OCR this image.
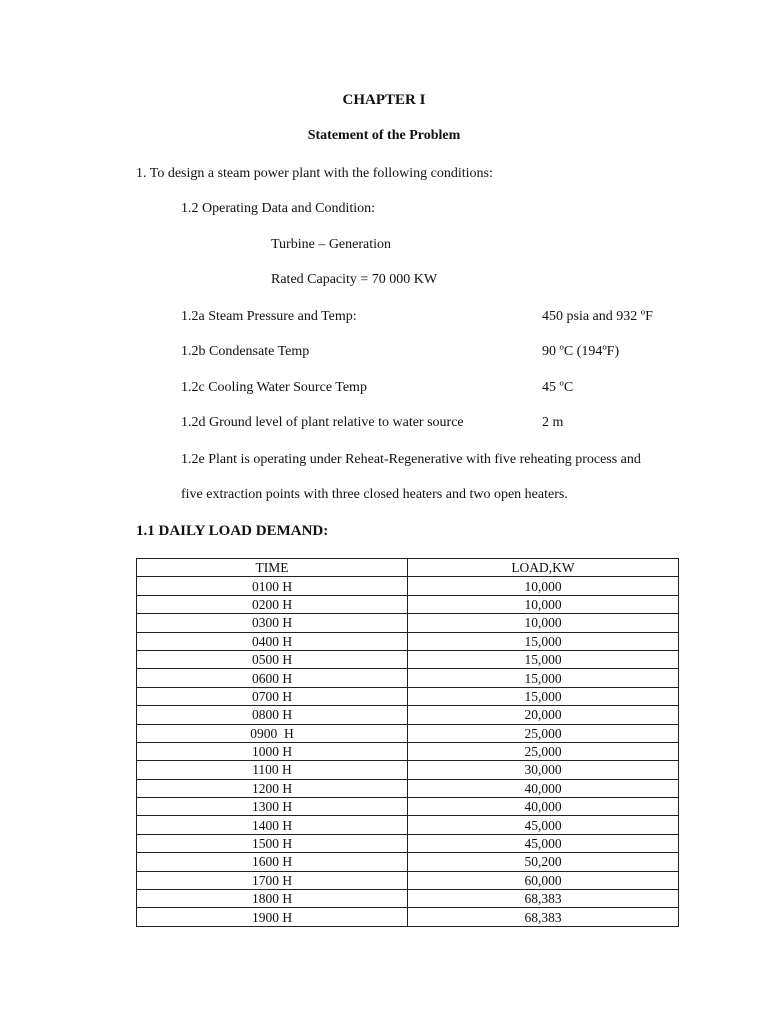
CHAPTER I
Statement of the Problem
1. To design a steam power plant with the following conditions:
1.2 Operating Data and Condition:
Turbine – Generation
Rated Capacity = 70 000 KW
1.2a Steam Pressure and Temp:	450 psia and 932 ºF
1.2b Condensate Temp	90 ºC (194ºF)
1.2c Cooling Water Source Temp	45 ºC
1.2d Ground level of plant relative to water source	2 m
1.2e Plant is operating under Reheat-Regenerative with five reheating process and
five extraction points with three closed heaters and two open heaters.
1.1 DAILY LOAD DEMAND:
TIME	LOAD,KW
0100 H	10,000
0200 H	10,000
0300 H	10,000
0400 H	15,000
0500 H	15,000
0600 H	15,000
0700 H	15,000
0800 H	20,000
0900  H	25,000
1000 H	25,000
1100 H	30,000
1200 H	40,000
1300 H	40,000
1400 H	45,000
1500 H	45,000
1600 H	50,200
1700 H	60,000
1800 H	68,383
1900 H	68,383
